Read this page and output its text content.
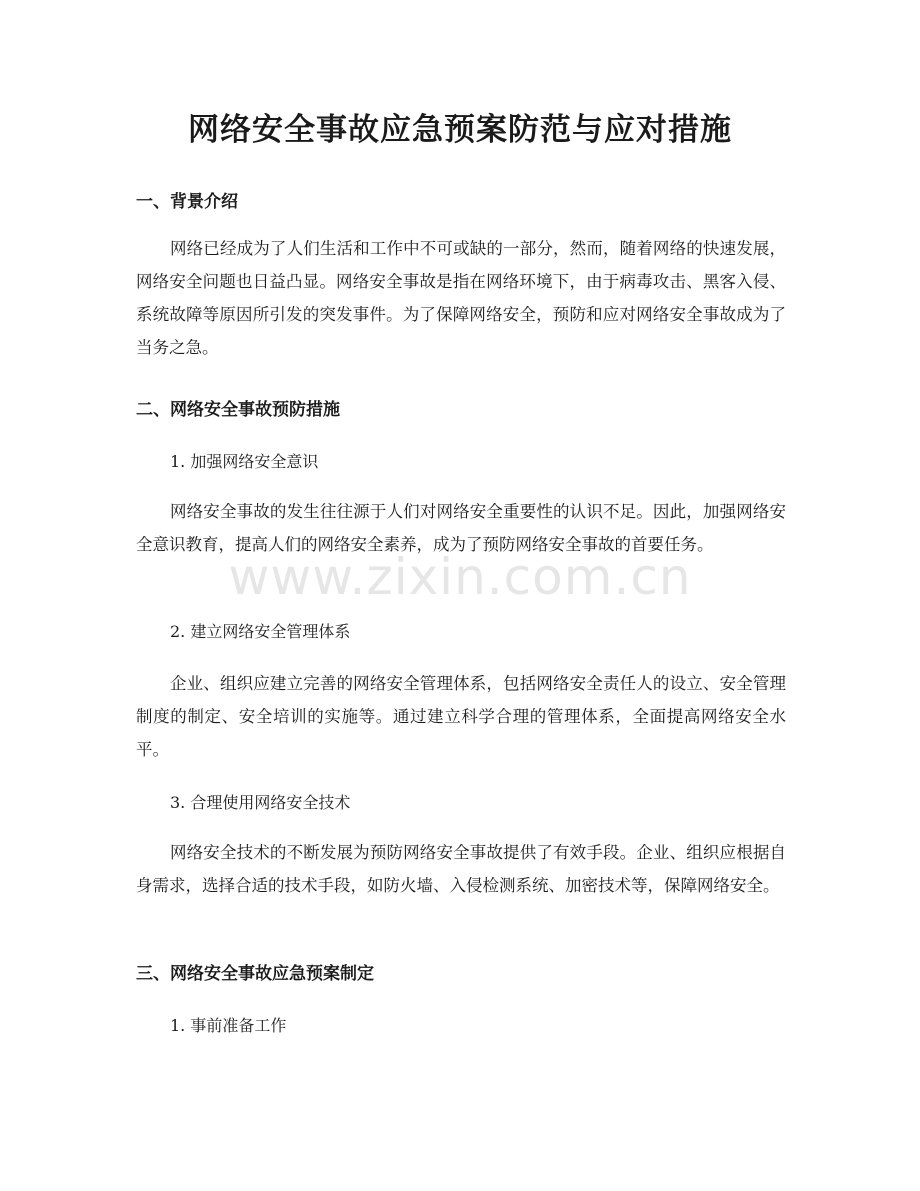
网络安全事故应急预案防范与应对措施
一、背景介绍

网络已经成为了人们生活和工作中不可或缺的一部分，然而，随着网络的快速发展，网络安全问题也日益凸显。网络安全事故是指在网络环境下，由于病毒攻击、黑客入侵、系统故障等原因所引发的突发事件。为了保障网络安全，预防和应对网络安全事故成为了当务之急。

二、网络安全事故预防措施

1. 加强网络安全意识

网络安全事故的发生往往源于人们对网络安全重要性的认识不足。因此，加强网络安全意识教育，提高人们的网络安全素养，成为了预防网络安全事故的首要任务。

2. 建立网络安全管理体系

企业、组织应建立完善的网络安全管理体系，包括网络安全责任人的设立、安全管理制度的制定、安全培训的实施等。通过建立科学合理的管理体系，全面提高网络安全水平。

3. 合理使用网络安全技术

网络安全技术的不断发展为预防网络安全事故提供了有效手段。企业、组织应根据自身需求，选择合适的技术手段，如防火墙、入侵检测系统、加密技术等，保障网络安全。

三、网络安全事故应急预案制定

1. 事前准备工作

www.zixin.com.cn
